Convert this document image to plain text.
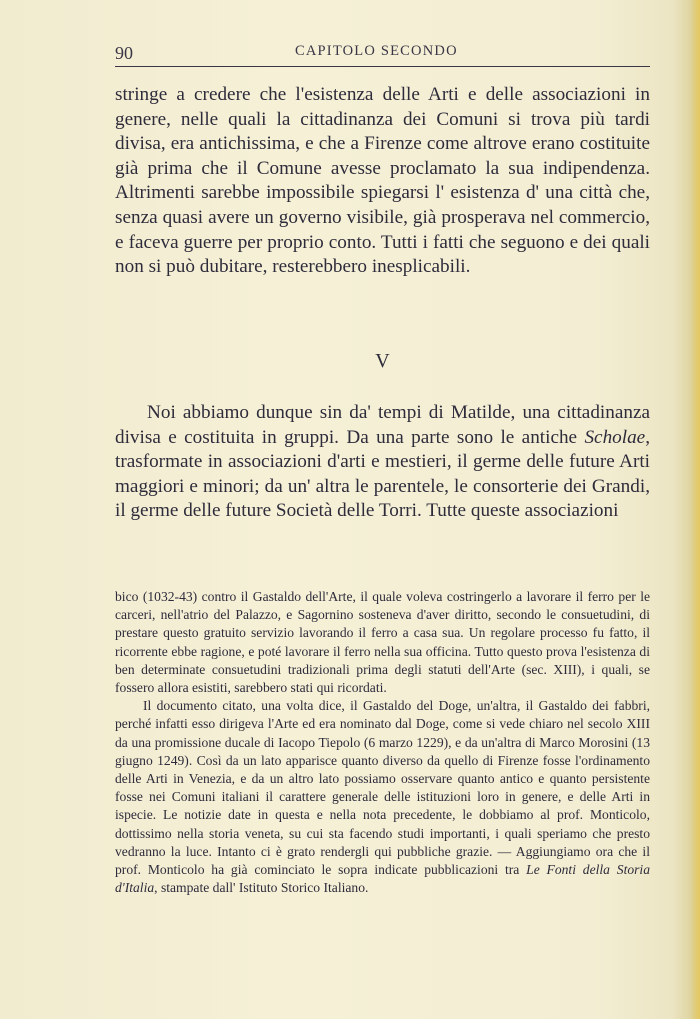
90	CAPITOLO SECONDO

stringe a credere che l'esistenza delle Arti e delle associazioni in genere, nelle quali la cittadinanza dei Comuni si trova più tardi divisa, era antichissima, e che a Firenze come altrove erano costituite già prima che il Comune avesse proclamato la sua indipendenza. Altrimenti sarebbe impossibile spiegarsi l' esistenza d' una città che, senza quasi avere un governo visibile, già prosperava nel commercio, e faceva guerre per proprio conto. Tutti i fatti che seguono e dei quali non si può dubitare, resterebbero inesplicabili.

V

Noi abbiamo dunque sin da' tempi di Matilde, una cittadinanza divisa e costituita in gruppi. Da una parte sono le antiche Scholae, trasformate in associazioni d'arti e mestieri, il germe delle future Arti maggiori e minori; da un' altra le parentele, le consorterie dei Grandi, il germe delle future Società delle Torri. Tutte queste associazioni

bico (1032-43) contro il Gastaldo dell'Arte, il quale voleva costringerlo a lavorare il ferro per le carceri, nell'atrio del Palazzo, e Sagornino sosteneva d'aver diritto, secondo le consuetudini, di prestare questo gratuito servizio lavorando il ferro a casa sua. Un regolare processo fu fatto, il ricorrente ebbe ragione, e poté lavorare il ferro nella sua officina. Tutto questo prova l'esistenza di ben determinate consuetudini tradizionali prima degli statuti dell'Arte (sec. XIII), i quali, se fossero allora esistiti, sarebbero stati qui ricordati.

Il documento citato, una volta dice, il Gastaldo del Doge, un'altra, il Gastaldo dei fabbri, perché infatti esso dirigeva l'Arte ed era nominato dal Doge, come si vede chiaro nel secolo XIII da una promissione ducale di Iacopo Tiepolo (6 marzo 1229), e da un'altra di Marco Morosini (13 giugno 1249). Così da un lato apparisce quanto diverso da quello di Firenze fosse l'ordinamento delle Arti in Venezia, e da un altro lato possiamo osservare quanto antico e quanto persistente fosse nei Comuni italiani il carattere generale delle istituzioni loro in genere, e delle Arti in ispecie. Le notizie date in questa e nella nota precedente, le dobbiamo al prof. Monticolo, dottissimo nella storia veneta, su cui sta facendo studi importanti, i quali speriamo che presto vedranno la luce. Intanto ci è grato rendergli qui pubbliche grazie. — Aggiungiamo ora che il prof. Monticolo ha già cominciato le sopra indicate pubblicazioni tra Le Fonti della Storia d'Italia, stampate dall' Istituto Storico Italiano.
